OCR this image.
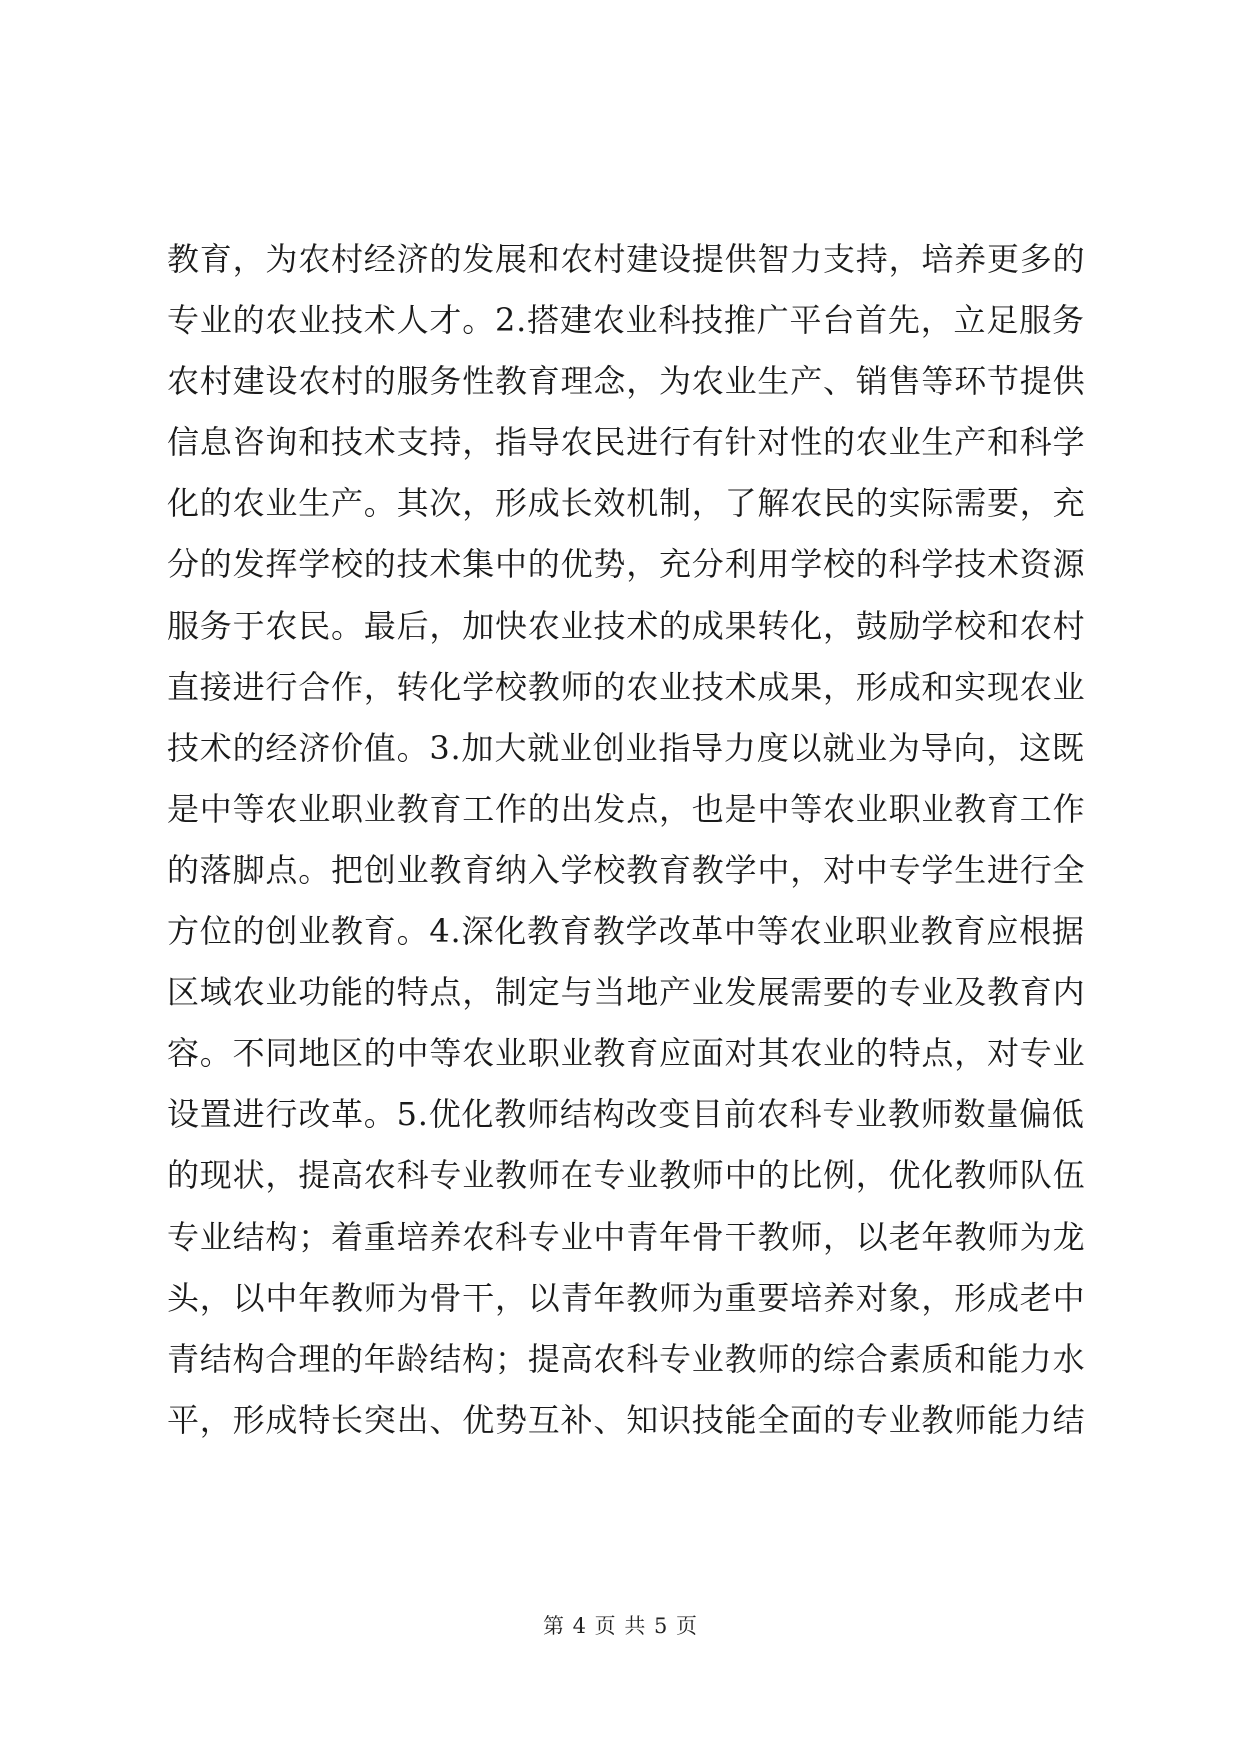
教育，为农村经济的发展和农村建设提供智力支持，培养更多的
专业的农业技术人才。2.搭建农业科技推广平台首先，立足服务
农村建设农村的服务性教育理念，为农业生产、销售等环节提供
信息咨询和技术支持，指导农民进行有针对性的农业生产和科学
化的农业生产。其次，形成长效机制，了解农民的实际需要，充
分的发挥学校的技术集中的优势，充分利用学校的科学技术资源
服务于农民。最后，加快农业技术的成果转化，鼓励学校和农村
直接进行合作，转化学校教师的农业技术成果，形成和实现农业
技术的经济价值。3.加大就业创业指导力度以就业为导向，这既
是中等农业职业教育工作的出发点，也是中等农业职业教育工作
的落脚点。把创业教育纳入学校教育教学中，对中专学生进行全
方位的创业教育。4.深化教育教学改革中等农业职业教育应根据
区域农业功能的特点，制定与当地产业发展需要的专业及教育内
容。不同地区的中等农业职业教育应面对其农业的特点，对专业
设置进行改革。5.优化教师结构改变目前农科专业教师数量偏低
的现状，提高农科专业教师在专业教师中的比例，优化教师队伍
专业结构；着重培养农科专业中青年骨干教师，以老年教师为龙
头，以中年教师为骨干，以青年教师为重要培养对象，形成老中
青结构合理的年龄结构；提高农科专业教师的综合素质和能力水
平，形成特长突出、优势互补、知识技能全面的专业教师能力结
第 4 页 共 5 页
